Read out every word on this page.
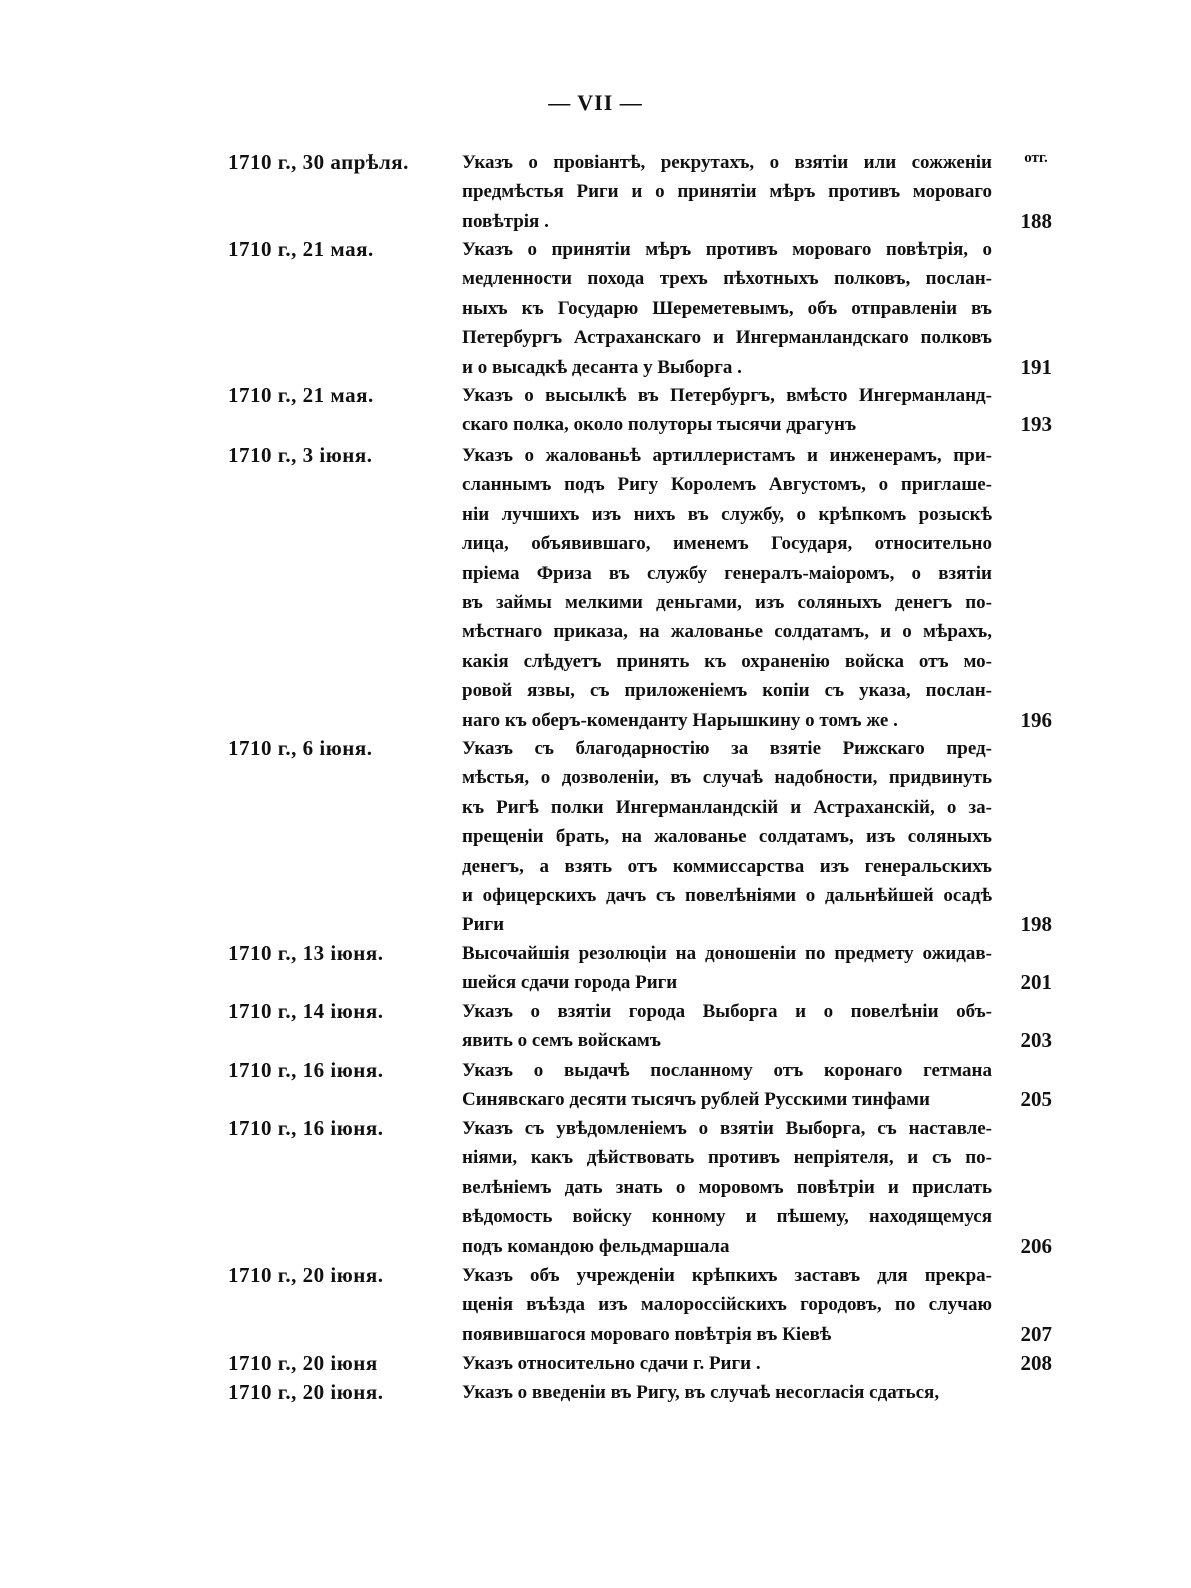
— VII —
отг.
1710 г., 30 апрѣля.	Указъ о провіантѣ, рекрутахъ, о взятіи или сожженіи
предмѣстья Риги и о принятіи мѣръ противъ мороваго
повѣтрія .	188
1710 г., 21 мая.	Указъ о принятіи мѣръ противъ мороваго повѣтрія, о
медленности похода трехъ пѣхотныхъ полковъ, послан-
ныхъ къ Государю Шереметевымъ, объ отправленіи въ
Петербургъ Астраханскаго и Ингерманландскаго полковъ
и о высадкѣ десанта у Выборга .	191
1710 г., 21 мая.	Указъ о высылкѣ въ Петербургъ, вмѣсто Ингерманланд-
скаго полка, около полуторы тысячи драгунъ	193
1710 г., 3 іюня.	Указъ о жалованьѣ артиллеристамъ и инженерамъ, при-
сланнымъ подъ Ригу Королемъ Августомъ, о приглаше-
ніи лучшихъ изъ нихъ въ службу, о крѣпкомъ розыскѣ
лица, объявившаго, именемъ Государя, относительно
пріема Фриза въ службу генералъ-маіоромъ, о взятіи
въ займы мелкими деньгами, изъ соляныхъ денегъ по-
мѣстнаго приказа, на жалованье солдатамъ, и о мѣрахъ,
какія слѣдуетъ принять къ охраненію войска отъ мо-
ровой язвы, съ приложеніемъ копіи съ указа, послан-
наго къ оберъ-коменданту Нарышкину о томъ же .	196
1710 г., 6 іюня.	Указъ съ благодарностію за взятіе Рижскаго пред-
мѣстья, о дозволеніи, въ случаѣ надобности, придвинуть
къ Ригѣ полки Ингерманландскій и Астраханскій, о за-
прещеніи брать, на жалованье солдатамъ, изъ соляныхъ
денегъ, а взять отъ коммиссарства изъ генеральскихъ
и офицерскихъ дачъ съ повелѣніями о дальнѣйшей осадѣ
Риги	198
1710 г., 13 іюня.	Высочайшія резолюціи на доношеніи по предмету ожидав-
шейся сдачи города Риги	201
1710 г., 14 іюня.	Указъ о взятіи города Выборга и о повелѣніи объ-
явить о семъ войскамъ	203
1710 г., 16 іюня.	Указъ о выдачѣ посланному отъ коронаго гетмана
Синявскаго десяти тысячъ рублей Русскими тинфами	205
1710 г., 16 іюня.	Указъ съ увѣдомленіемъ о взятіи Выборга, съ наставле-
ніями, какъ дѣйствовать противъ непріятеля, и съ по-
велѣніемъ дать знать о моровомъ повѣтріи и прислать
вѣдомость войску конному и пѣшему, находящемуся
подъ командою фельдмаршала	206
1710 г., 20 іюня.	Указъ объ учрежденіи крѣпкихъ заставъ для прекра-
щенія въѣзда изъ малороссійскихъ городовъ, по случаю
появившагося мороваго повѣтрія въ Кіевѣ	207
1710 г., 20 іюня	Указъ относительно сдачи г. Риги .	208
1710 г., 20 іюня.	Указъ о введеніи въ Ригу, въ случаѣ несогласія сдаться,
